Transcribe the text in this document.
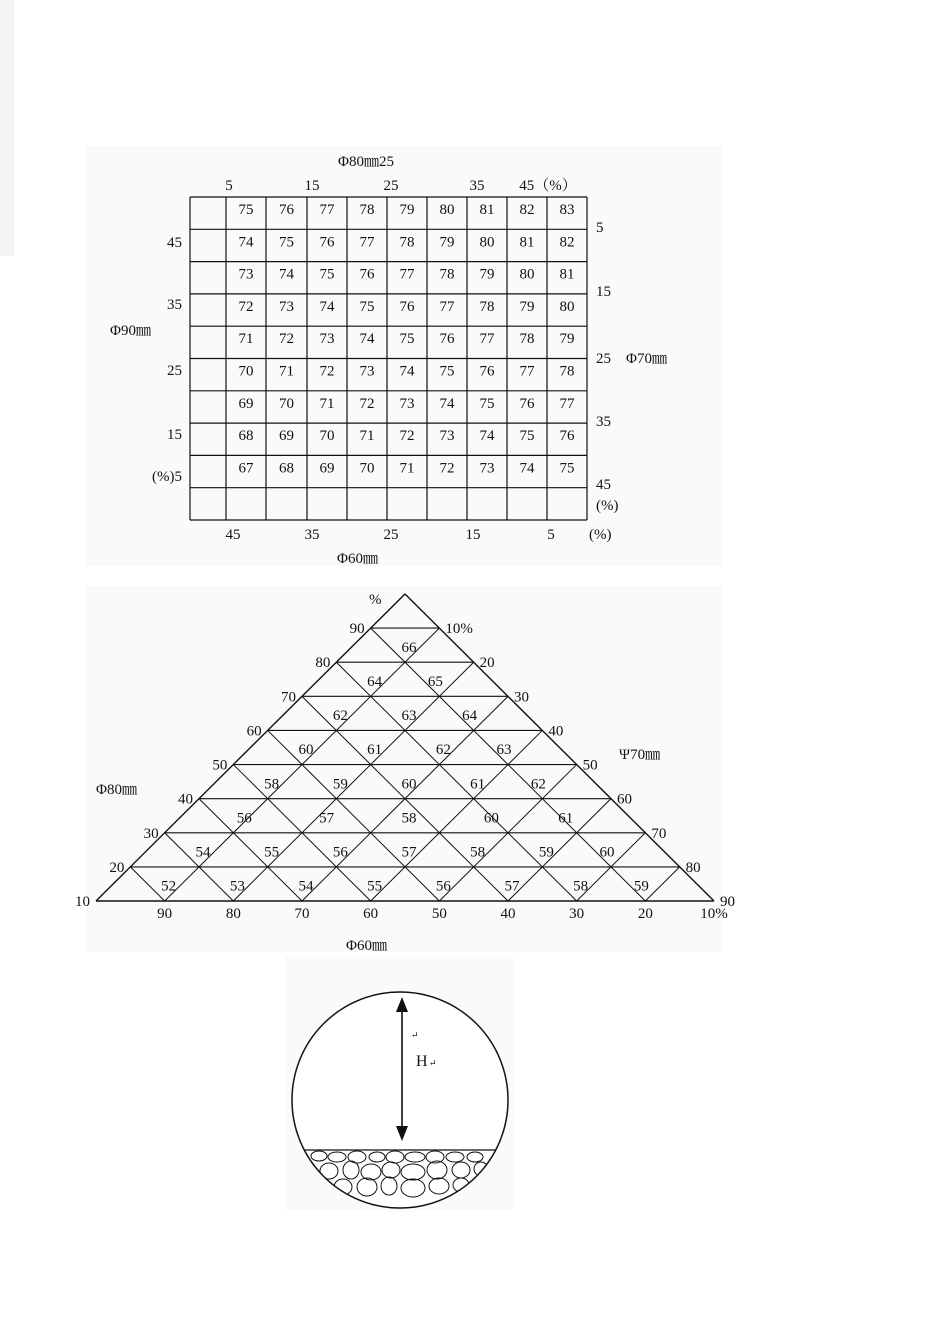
Φ80㎜25
Φ90㎜
Φ70㎜
Φ60㎜
5	15	25	35 45（%）
45
35
25
15
(%)5
5
15
25
35
45
(%)
45	35	25	15	5 (%)
75 76 77 78 79 80 81 82 83
74 75 76 77 78 79 80 81 82
73 74 75 76 77 78 79 80 81
72 73 74 75 76 77 78 79 80
71 72 73 74 75 76 77 78 79
70 71 72 73 74 75 76 77 78
69 70 71 72 73 74 75 76 77
68 69 70 71 72 73 74 75 76
67 68 69 70 71 72 73 74 75
%
Φ80㎜
Ψ70㎜
Φ60㎜
90
80
70
60
50
40
30
20
10
10%
20
30
40
50
60
70
80
90
90	80	70	60	50	40	30	20	10%
66
64	65
62	63	64
60	61	62	63
58	59	60	61	62
56	57	58	60	61
54	55	56	57	58	59	60
52	53	54	55	56	57	58	59
↵
H ↵
